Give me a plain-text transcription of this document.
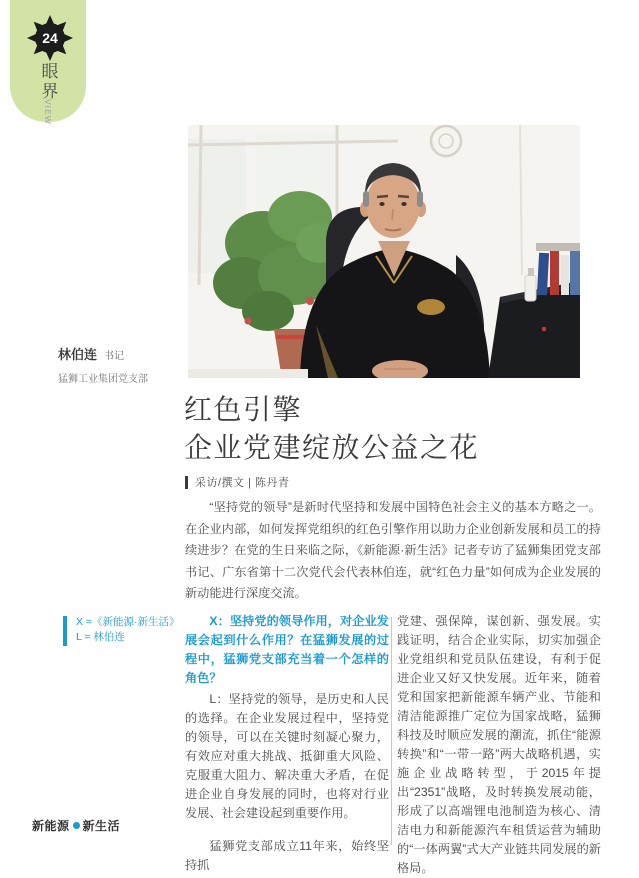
24
眼界
VIEW
林伯连 书记
猛狮工业集团党支部
红色引擎
企业党建绽放公益之花
采访/撰文 | 陈丹青
“坚持党的领导”是新时代坚持和发展中国特色社会主义的基本方略之一。在企业内部，如何发挥党组织的红色引擎作用以助力企业创新发展和员工的持续进步？在党的生日来临之际，《新能源·新生活》记者专访了猛狮集团党支部书记、广东省第十二次党代会代表林伯连，就“红色力量”如何成为企业发展的新动能进行深度交流。
X =《新能源·新生活》
L = 林伯连

X：坚持党的领导作用，对企业发展会起到什么作用？在猛狮发展的过程中，猛狮党支部充当着一个怎样的角色？

L：坚持党的领导，是历史和人民的选择。在企业发展过程中，坚持党的领导，可以在关键时刻凝心聚力，有效应对重大挑战、抵御重大风险、克服重大阻力、解决重大矛盾，在促进企业自身发展的同时，也将对行业发展、社会建设起到重要作用。

猛狮党支部成立11年来，始终坚持抓

党建、强保障，谋创新、强发展。实践证明，结合企业实际，切实加强企业党组织和党员队伍建设，有利于促进企业又好又快发展。近年来，随着党和国家把新能源车辆产业、节能和清洁能源推广定位为国家战略，猛狮科技及时顺应发展的潮流，抓住“能源转换”和“一带一路”两大战略机遇，实施企业战略转型，于2015年提出“2351”战略，及时转换发展动能，形成了以高端锂电池制造为核心、清洁电力和新能源汽车租赁运营为辅助的“一体两翼”式大产业链共同发展的新格局。

新能源 新生活
